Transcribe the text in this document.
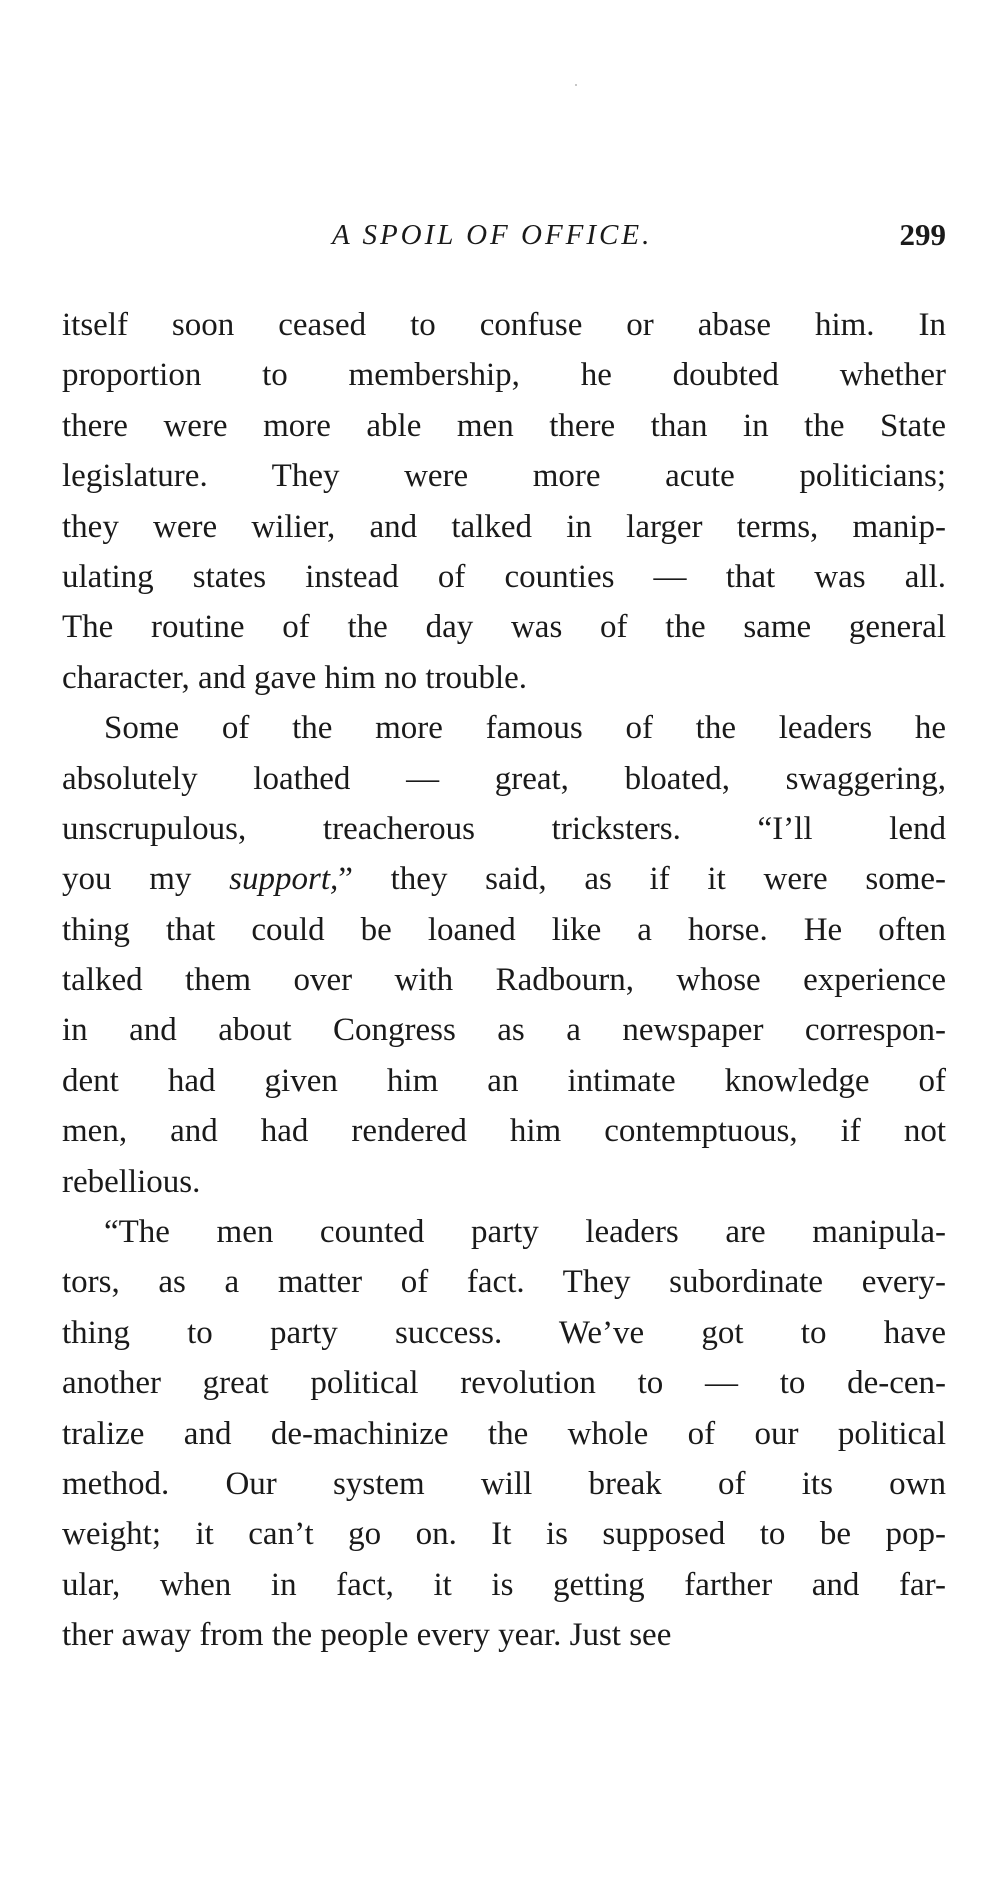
A SPOIL OF OFFICE.	299
itself soon ceased to confuse or abase him. In
proportion to membership, he doubted whether
there were more able men there than in the State
legislature. They were more acute politicians;
they were wilier, and talked in larger terms, manip-
ulating states instead of counties — that was all.
The routine of the day was of the same general
character, and gave him no trouble.
Some of the more famous of the leaders he
absolutely loathed — great, bloated, swaggering,
unscrupulous, treacherous tricksters. “I’ll lend
you my support,” they said, as if it were some-
thing that could be loaned like a horse. He often
talked them over with Radbourn, whose experience
in and about Congress as a newspaper correspon-
dent had given him an intimate knowledge of
men, and had rendered him contemptuous, if not
rebellious.
“The men counted party leaders are manipula-
tors, as a matter of fact. They subordinate every-
thing to party success. We’ve got to have
another great political revolution to — to de-cen-
tralize and de-machinize the whole of our political
method. Our system will break of its own
weight; it can’t go on. It is supposed to be pop-
ular, when in fact, it is getting farther and far-
ther away from the people every year. Just see
